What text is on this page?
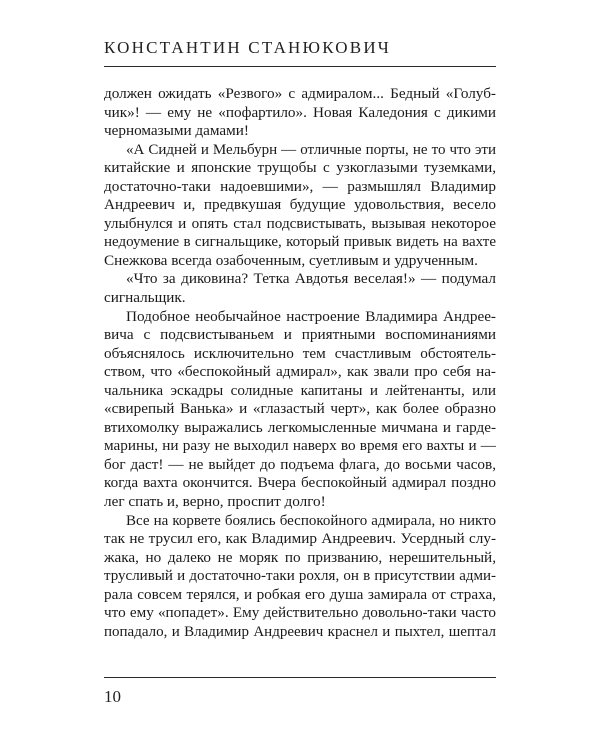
КОНСТАНТИН СТАНЮКОВИЧ
должен ожидать «Резвого» с адмиралом... Бедный «Голуб-
чик»! — ему не «пофартило». Новая Каледония с дикими
черномазыми дамами!
«А Сидней и Мельбурн — отличные порты, не то что эти
китайские и японские трущобы с узкоглазыми туземками,
достаточно-таки надоевшими», — размышлял Владимир
Андреевич и, предвкушая будущие удовольствия, весело
улыбнулся и опять стал подсвистывать, вызывая некоторое
недоумение в сигнальщике, который привык видеть на вахте
Снежкова всегда озабоченным, суетливым и удрученным.
«Что за диковина? Тетка Авдотья веселая!» — подумал
сигнальщик.
Подобное необычайное настроение Владимира Андрее-
вича с подсвистываньем и приятными воспоминаниями
объяснялось исключительно тем счастливым обстоятель-
ством, что «беспокойный адмирал», как звали про себя на-
чальника эскадры солидные капитаны и лейтенанты, или
«свирепый Ванька» и «глазастый черт», как более образно
втихомолку выражались легкомысленные мичмана и гарде-
марины, ни разу не выходил наверх во время его вахты и —
бог даст! — не выйдет до подъема флага, до восьми часов,
когда вахта окончится. Вчера беспокойный адмирал поздно
лег спать и, верно, проспит долго!
Все на корвете боялись беспокойного адмирала, но никто
так не трусил его, как Владимир Андреевич. Усердный слу-
жака, но далеко не моряк по призванию, нерешительный,
трусливый и достаточно-таки рохля, он в присутствии адми-
рала совсем терялся, и робкая его душа замирала от страха,
что ему «попадет». Ему действительно довольно-таки часто
попадало, и Владимир Андреевич краснел и пыхтел, шептал
10
